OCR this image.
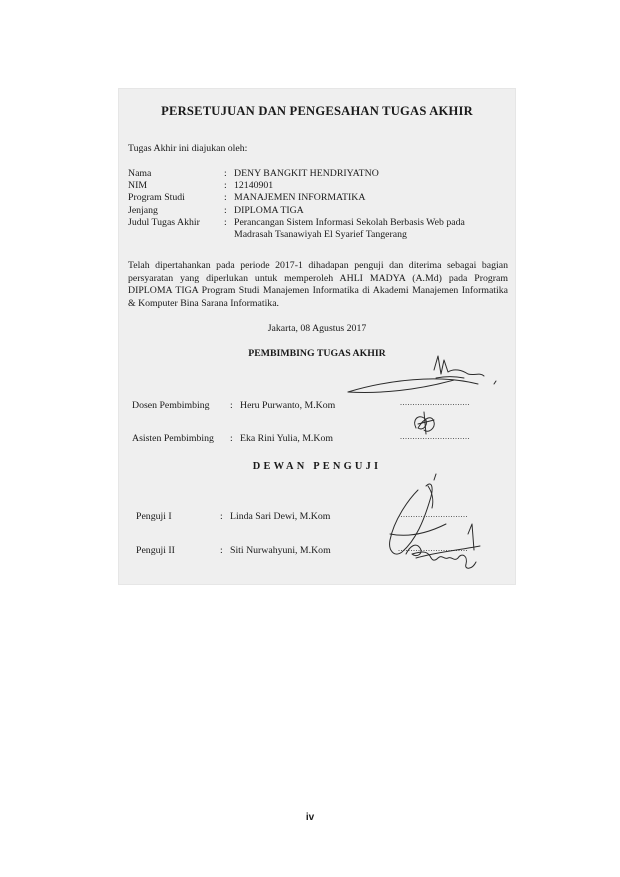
PERSETUJUAN DAN PENGESAHAN TUGAS AKHIR
Tugas Akhir ini diajukan oleh:
Nama	: DENY BANGKIT HENDRIYATNO
NIM	: 12140901
Program Studi	: MANAJEMEN INFORMATIKA
Jenjang	: DIPLOMA TIGA
Judul Tugas Akhir	: Perancangan Sistem Informasi Sekolah Berbasis Web pada Madrasah Tsanawiyah El Syarief Tangerang
Telah dipertahankan pada periode 2017-1 dihadapan penguji dan diterima sebagai bagian persyaratan yang diperlukan untuk memperoleh AHLI MADYA (A.Md) pada Program DIPLOMA TIGA Program Studi Manajemen Informatika di Akademi Manajemen Informatika & Komputer Bina Sarana Informatika.
Jakarta, 08 Agustus 2017
PEMBIMBING TUGAS AKHIR
Dosen Pembimbing	: Heru Purwanto, M.Kom	............................
Asisten Pembimbing	: Eka Rini Yulia, M.Kom	............................
DEWAN PENGUJI
Penguji I	: Linda Sari Dewi, M.Kom	............................
Penguji II	: Siti Nurwahyuni, M.Kom	............................
iv
